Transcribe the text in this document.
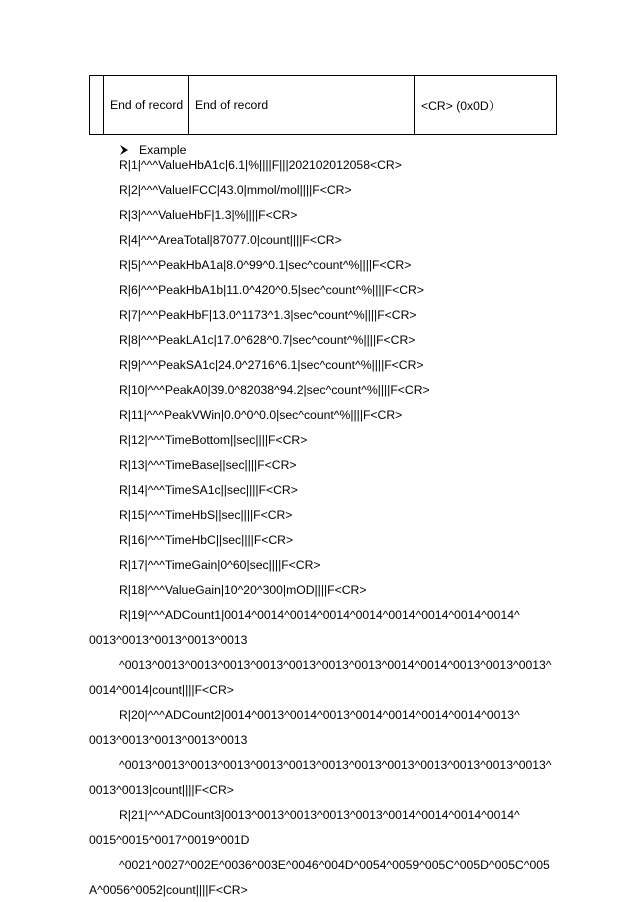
	End of record	End of record	<CR> (0x0D）
Example
R|1|^^^ValueHbA1c|6.1|%||||F|||202102012058<CR>
R|2|^^^ValueIFCC|43.0|mmol/mol||||F<CR>
R|3|^^^ValueHbF|1.3|%||||F<CR>
R|4|^^^AreaTotal|87077.0|count||||F<CR>
R|5|^^^PeakHbA1a|8.0^99^0.1|sec^count^%||||F<CR>
R|6|^^^PeakHbA1b|11.0^420^0.5|sec^count^%||||F<CR>
R|7|^^^PeakHbF|13.0^1173^1.3|sec^count^%||||F<CR>
R|8|^^^PeakLA1c|17.0^628^0.7|sec^count^%||||F<CR>
R|9|^^^PeakSA1c|24.0^2716^6.1|sec^count^%||||F<CR>
R|10|^^^PeakA0|39.0^82038^94.2|sec^count^%||||F<CR>
R|11|^^^PeakVWin|0.0^0^0.0|sec^count^%||||F<CR>
R|12|^^^TimeBottom||sec||||F<CR>
R|13|^^^TimeBase||sec||||F<CR>
R|14|^^^TimeSA1c||sec||||F<CR>
R|15|^^^TimeHbS||sec||||F<CR>
R|16|^^^TimeHbC||sec||||F<CR>
R|17|^^^TimeGain|0^60|sec||||F<CR>
R|18|^^^ValueGain|10^20^300|mOD||||F<CR>
R|19|^^^ADCount1|0014^0014^0014^0014^0014^0014^0014^0014^0014^
0013^0013^0013^0013^0013
^0013^0013^0013^0013^0013^0013^0013^0013^0014^0014^0013^0013^0013^
0014^0014|count||||F<CR>
R|20|^^^ADCount2|0014^0013^0014^0013^0014^0014^0014^0014^0013^
0013^0013^0013^0013^0013
^0013^0013^0013^0013^0013^0013^0013^0013^0013^0013^0013^0013^0013^
0013^0013|count||||F<CR>
R|21|^^^ADCount3|0013^0013^0013^0013^0013^0014^0014^0014^0014^
0015^0015^0017^0019^001D
^0021^0027^002E^0036^003E^0046^004D^0054^0059^005C^005D^005C^005
A^0056^0052|count||||F<CR>
